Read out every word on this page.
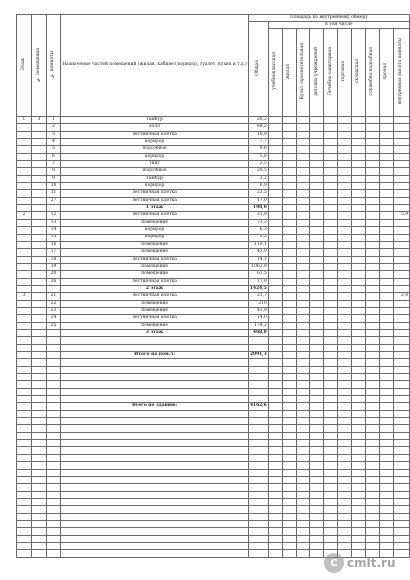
Этаж	№ помещения	№ комнаты	Назначение частей помещений (жилая, кабинет,коридор, туалет, кухня и т.д.)	Площадь по внутреннему обмеру										
				Общая	в том числе									
					учебноклассная	жилая	Культ.-просветительная	детских учреждений	Лечебно-санитарная	торговая	складская	служебно-подсобная	прочая	внутренняя высота комнаты
1	3	1	тамбур	20,2										
		2	холл	68,2										
		3	лестничная клетка	10,9										
		4	коридор	7,7										
		5	подсобное	9,6										
		6	коридор	5,8										
		7	тпцт	2,5										
		8	подсобное	20,5										
		9	тамбур	3,2										
		10	коридор	6,9										
		11	лестничная клетка	23,5										
		27	лестничная клетка	17,0										
			1 этаж	198,0										
2		12	лестничная клетка	21,9										5,9
		13	помещение	73,3										
		14	коридор	6,3										
		15	коридор	3,2										
		16	помещение	119,1										
		17	помещение	43,9										
		18	лестничная клетка	14,1										
		19	помещение	1063,9										
		20	помещение	61,5										
		26	лестничная клетка	17,0										
			2 этаж	1424,5										
3		21	лестничная клетка	21,7										2,9
		22	помещение	210										
		23	помещение	43,9										
		24	лестничная клетка	14,0										
		25	помещение	179,2										
			3 этаж	468,8										

			Итого по пом.5:	2091,3										

			Всего по зданию:	4162,6										

С cmlt.ru
